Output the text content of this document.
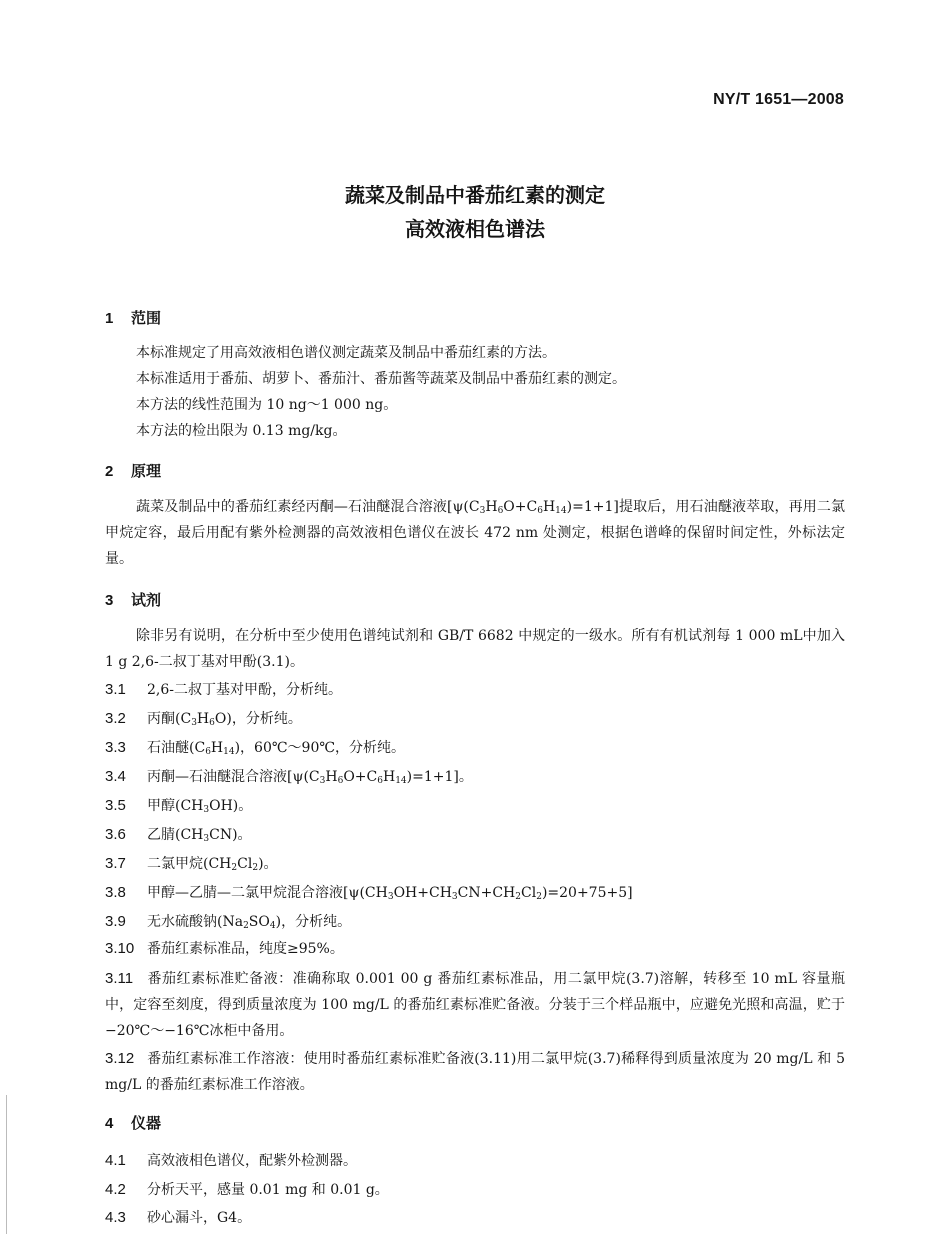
NY/T 1651—2008
蔬菜及制品中番茄红素的测定
高效液相色谱法
1 范围
本标准规定了用高效液相色谱仪测定蔬菜及制品中番茄红素的方法。
本标准适用于番茄、胡萝卜、番茄汁、番茄酱等蔬菜及制品中番茄红素的测定。
本方法的线性范围为 10 ng～1 000 ng。
本方法的检出限为 0.13 mg/kg。
2 原理
蔬菜及制品中的番茄红素经丙酮—石油醚混合溶液$[\psi(C_3H_6O+C_6H_{14})=1+1]$提取后，用石油醚液萃取，再用二氯甲烷定容，最后用配有紫外检测器的高效液相色谱仪在波长 472 nm 处测定，根据色谱峰的保留时间定性，外标法定量。
3 试剂
除非另有说明，在分析中至少使用色谱纯试剂和 GB/T 6682 中规定的一级水。所有有机试剂每 1 000 mL中加入 1 g 2,6-二叔丁基对甲酚(3.1)。
3.1 2,6-二叔丁基对甲酚，分析纯。
3.2 丙酮$(C_3H_6O)$，分析纯。
3.3 石油醚$(C_6H_{14})$，60℃～90℃，分析纯。
3.4 丙酮—石油醚混合溶液$[\psi(C_3H_6O+C_6H_{14})=1+1]$。
3.5 甲醇$(CH_3OH)$。
3.6 乙腈$(CH_3CN)$。
3.7 二氯甲烷$(CH_2Cl_2)$。
3.8 甲醇—乙腈—二氯甲烷混合溶液$[\psi(CH_3OH+CH_3CN+CH_2Cl_2)=20+75+5]$
3.9 无水硫酸钠$(Na_2SO_4)$，分析纯。
3.10 番茄红素标准品，纯度≥95%。
3.11 番茄红素标准贮备液：准确称取 0.001 00 g 番茄红素标准品，用二氯甲烷(3.7)溶解，转移至 10 mL 容量瓶中，定容至刻度，得到质量浓度为 100 mg/L 的番茄红素标准贮备液。分装于三个样品瓶中，应避免光照和高温，贮于−20℃～−16℃冰柜中备用。
3.12 番茄红素标准工作溶液：使用时番茄红素标准贮备液(3.11)用二氯甲烷(3.7)稀释得到质量浓度为 20 mg/L 和 5 mg/L 的番茄红素标准工作溶液。
4 仪器
4.1 高效液相色谱仪，配紫外检测器。
4.2 分析天平，感量 0.01 mg 和 0.01 g。
4.3 砂心漏斗，G4。
